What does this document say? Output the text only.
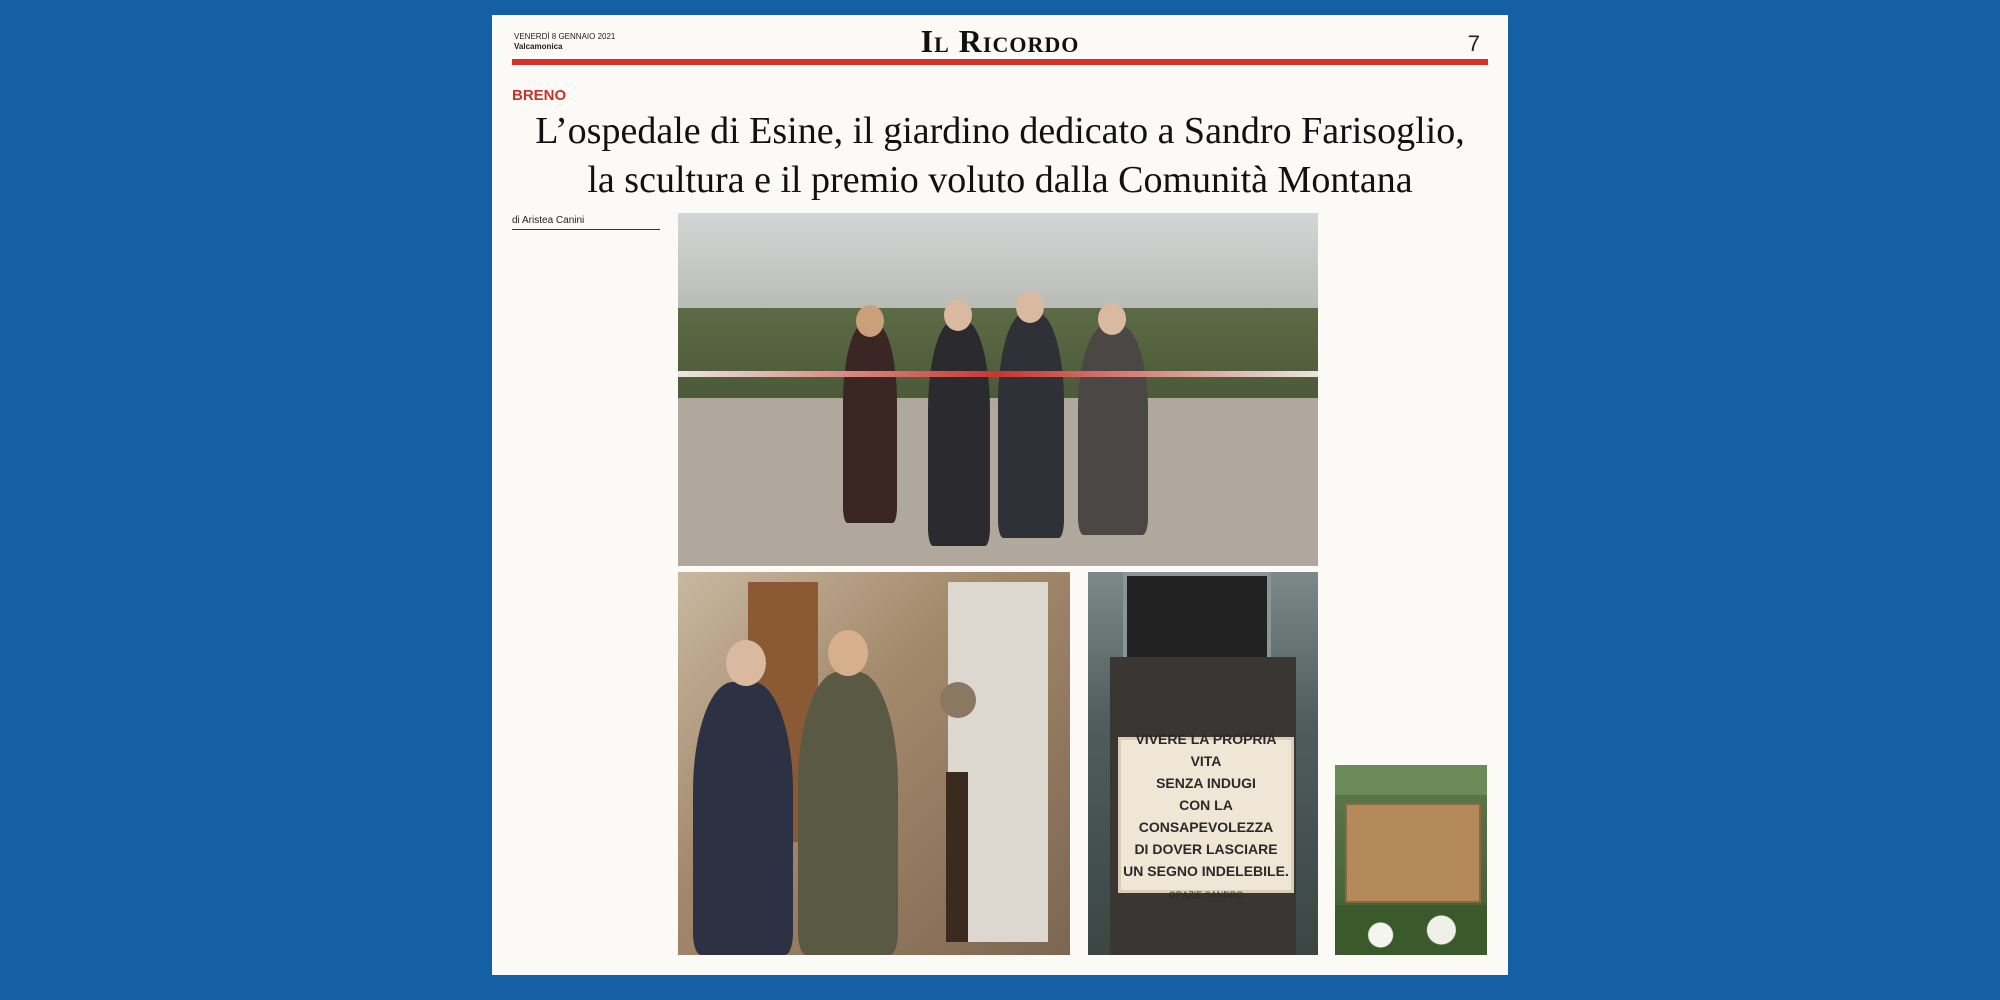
VENERDÌ 8 GENNAIO 2021
Valcamonica	Il Ricordo	7
BRENO
L’ospedale di Esine, il giardino dedicato a Sandro Farisoglio,
la scultura e il premio voluto dalla Comunità Montana
di Aristea Canini
VIVERE LA PROPRIA VITA
SENZA INDUGI
CON LA CONSAPEVOLEZZA
DI DOVER LASCIARE
UN SEGNO INDELEBILE.
GRAZIE SANDRO
